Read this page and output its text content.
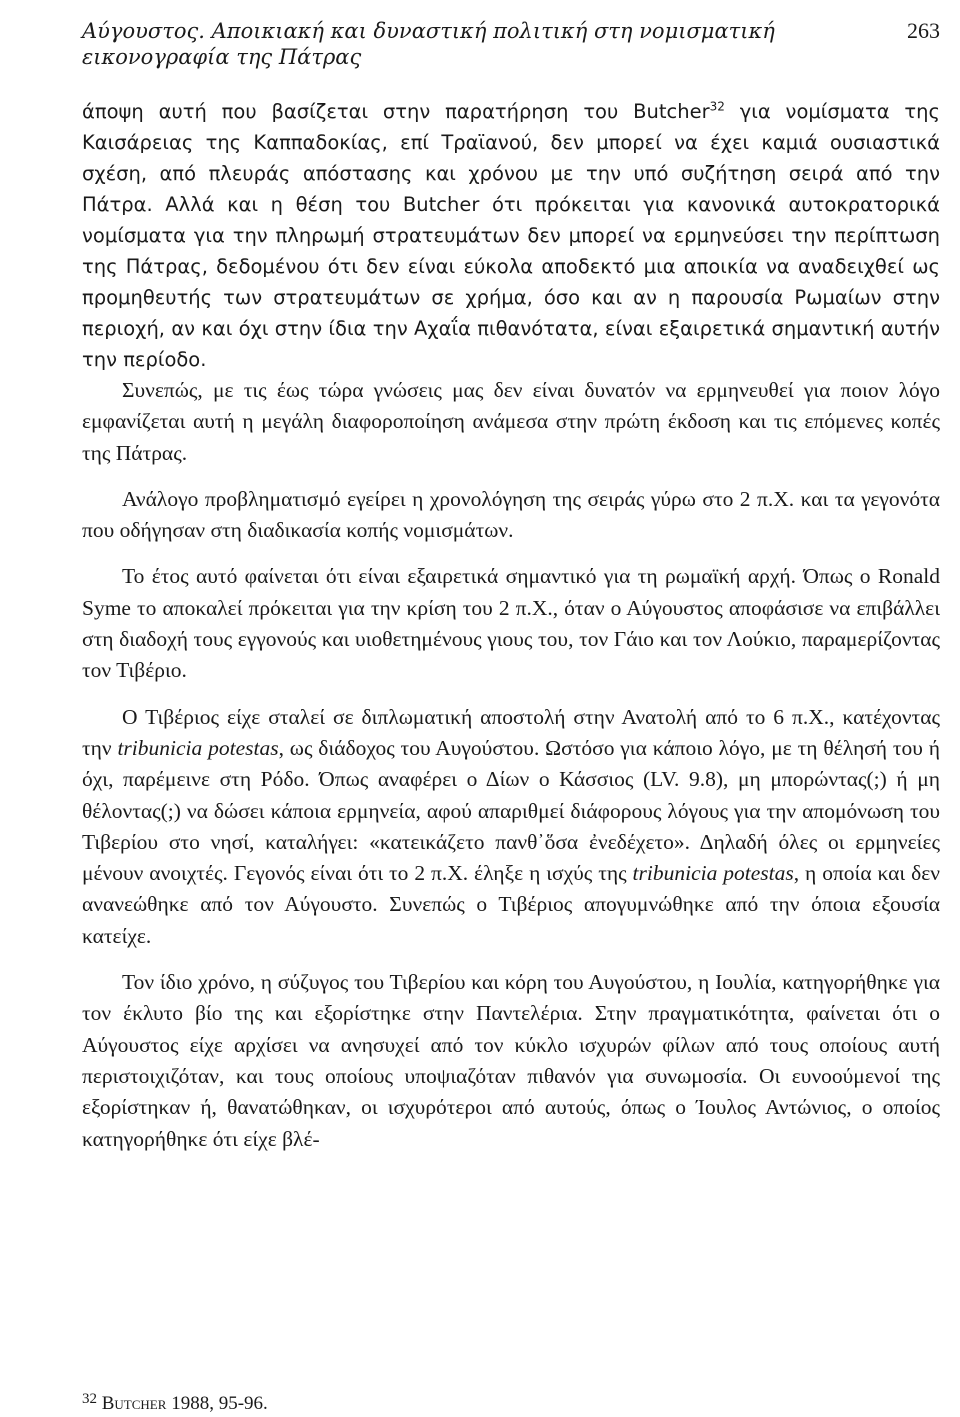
Αύγουστος. Αποικιακή και δυναστική πολιτική στη νομισματική εικονογραφία της Πάτρας
263

άποψη αυτή που βασίζεται στην παρατήρηση του Butcher$^{32}$ για νομίσματα της Καισάρειας της Καππαδοκίας, επί Τραϊανού, δεν μπορεί να έχει καμιά ουσιαστικά σχέση, από πλευράς απόστασης και χρόνου με την υπό συζήτηση σειρά από την Πάτρα. Αλλά και η θέση του Butcher ότι πρόκειται για κανονικά αυτοκρατορικά νομίσματα για την πληρωμή στρατευμάτων δεν μπορεί να ερμηνεύσει την περίπτωση της Πάτρας, δεδομένου ότι δεν είναι εύκολα αποδεκτό μια αποικία να αναδειχθεί ως προμηθευτής των στρατευμάτων σε χρήμα, όσο και αν η παρουσία Ρωμαίων στην περιοχή, αν και όχι στην ίδια την Αχαΐα πιθανότατα, είναι εξαιρετικά σημαντική αυτήν την περίοδο.

Συνεπώς, με τις έως τώρα γνώσεις μας δεν είναι δυνατόν να ερμηνευθεί για ποιον λόγο εμφανίζεται αυτή η μεγάλη διαφοροποίηση ανάμεσα στην πρώτη έκδοση και τις επόμενες κοπές της Πάτρας.

Ανάλογο προβληματισμό εγείρει η χρονολόγηση της σειράς γύρω στο 2 π.Χ. και τα γεγονότα που οδήγησαν στη διαδικασία κοπής νομισμάτων.

Το έτος αυτό φαίνεται ότι είναι εξαιρετικά σημαντικό για τη ρωμαϊκή αρχή. Όπως ο Ronald Syme το αποκαλεί πρόκειται για την κρίση του 2 π.Χ., όταν ο Αύγουστος αποφάσισε να επιβάλλει στη διαδοχή τους εγγονούς και υιοθετημένους γιους του, τον Γάιο και τον Λούκιο, παραμερίζοντας τον Τιβέριο.

Ο Τιβέριος είχε σταλεί σε διπλωματική αποστολή στην Ανατολή από το 6 π.Χ., κατέχοντας την tribunicia potestas, ως διάδοχος του Αυγούστου. Ωστόσο για κάποιο λόγο, με τη θέλησή του ή όχι, παρέμεινε στη Ρόδο. Όπως αναφέρει ο Δίων ο Κάσσιος (LV. 9.8), μη μπορώντας(;) ή μη θέλοντας(;) να δώσει κάποια ερμηνεία, αφού απαριθμεί διάφορους λόγους για την απομόνωση του Τιβερίου στο νησί, καταλήγει: «κατεικάζετο πανθ᾽ὅσα ἐνεδέχετο». Δηλαδή όλες οι ερμηνείες μένουν ανοιχτές. Γεγονός είναι ότι το 2 π.Χ. έληξε η ισχύς της tribunicia potestas, η οποία και δεν ανανεώθηκε από τον Αύγουστο. Συνεπώς ο Τιβέριος απογυμνώθηκε από την όποια εξουσία κατείχε.

Τον ίδιο χρόνο, η σύζυγος του Τιβερίου και κόρη του Αυγούστου, η Ιουλία, κατηγορήθηκε για τον έκλυτο βίο της και εξορίστηκε στην Παντελέρια. Στην πραγματικότητα, φαίνεται ότι ο Αύγουστος είχε αρχίσει να ανησυχεί από τον κύκλο ισχυρών φίλων από τους οποίους αυτή περιστοιχιζόταν, και τους οποίους υποψιαζόταν πιθανόν για συνωμοσία. Οι ευνοούμενοί της εξορίστηκαν ή, θανατώθηκαν, οι ισχυρότεροι από αυτούς, όπως ο Ίουλος Αντώνιος, ο οποίος κατηγορήθηκε ότι είχε βλέ-

$^{32}$ Butcher 1988, 95-96.
